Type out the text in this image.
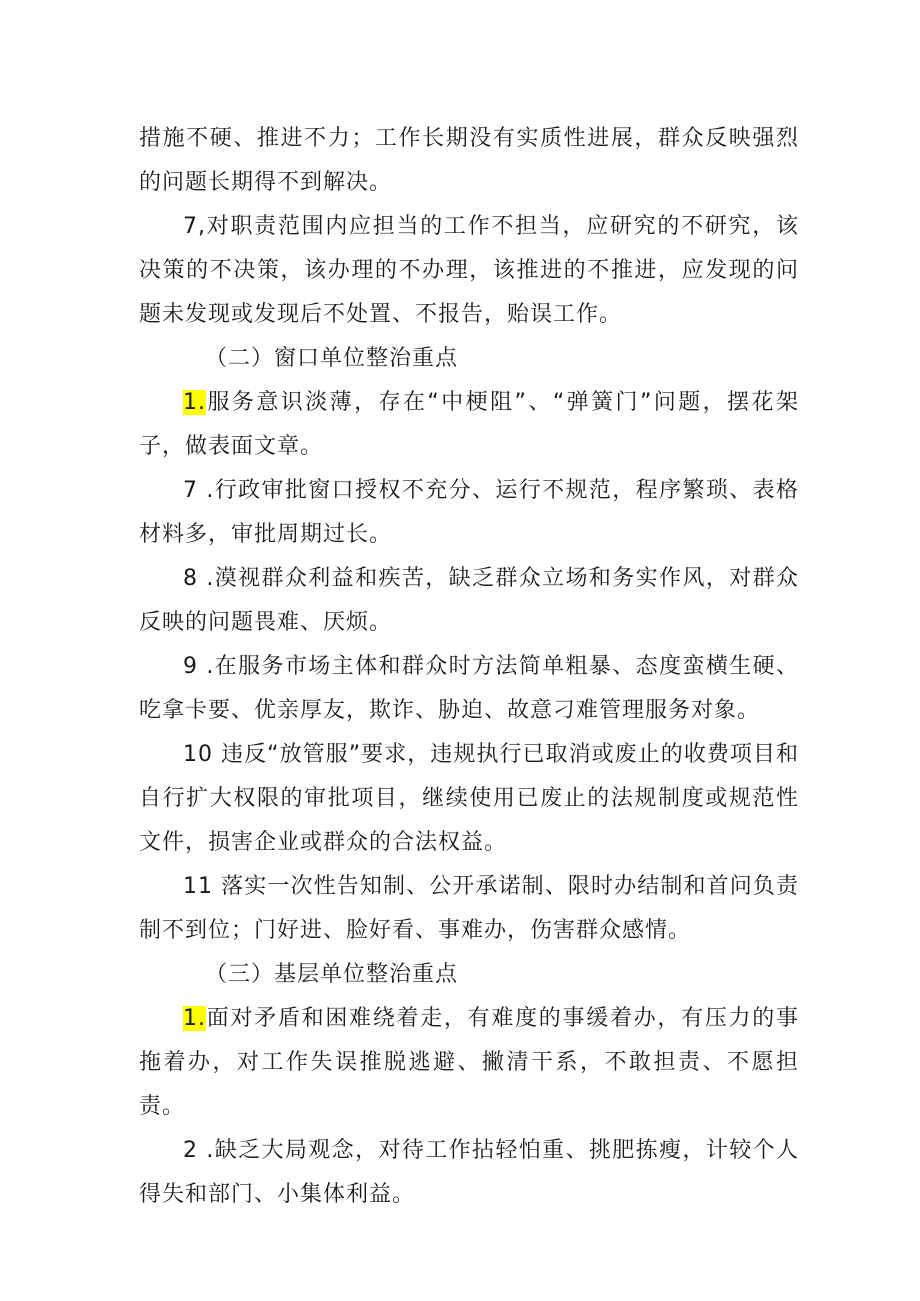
措施不硬、推进不力；工作长期没有实质性进展，群众反映强烈的问题长期得不到解决。

7,对职责范围内应担当的工作不担当，应研究的不研究，该决策的不决策，该办理的不办理，该推进的不推进，应发现的问题未发现或发现后不处置、不报告，贻误工作。

（二）窗口单位整治重点

1.服务意识淡薄，存在“中梗阻”、“弹簧门”问题，摆花架子，做表面文章。

7 .行政审批窗口授权不充分、运行不规范，程序繁琐、表格材料多，审批周期过长。

8 .漠视群众利益和疾苦，缺乏群众立场和务实作风，对群众反映的问题畏难、厌烦。

9 .在服务市场主体和群众时方法简单粗暴、态度蛮横生硬、吃拿卡要、优亲厚友，欺诈、胁迫、故意刁难管理服务对象。

10 违反“放管服”要求，违规执行已取消或废止的收费项目和自行扩大权限的审批项目，继续使用已废止的法规制度或规范性文件，损害企业或群众的合法权益。

11 落实一次性告知制、公开承诺制、限时办结制和首问负责制不到位；门好进、脸好看、事难办，伤害群众感情。

（三）基层单位整治重点

1.面对矛盾和困难绕着走，有难度的事缓着办，有压力的事拖着办，对工作失误推脱逃避、撇清干系，不敢担责、不愿担责。

2 .缺乏大局观念，对待工作拈轻怕重、挑肥拣瘦，计较个人得失和部门、小集体利益。
